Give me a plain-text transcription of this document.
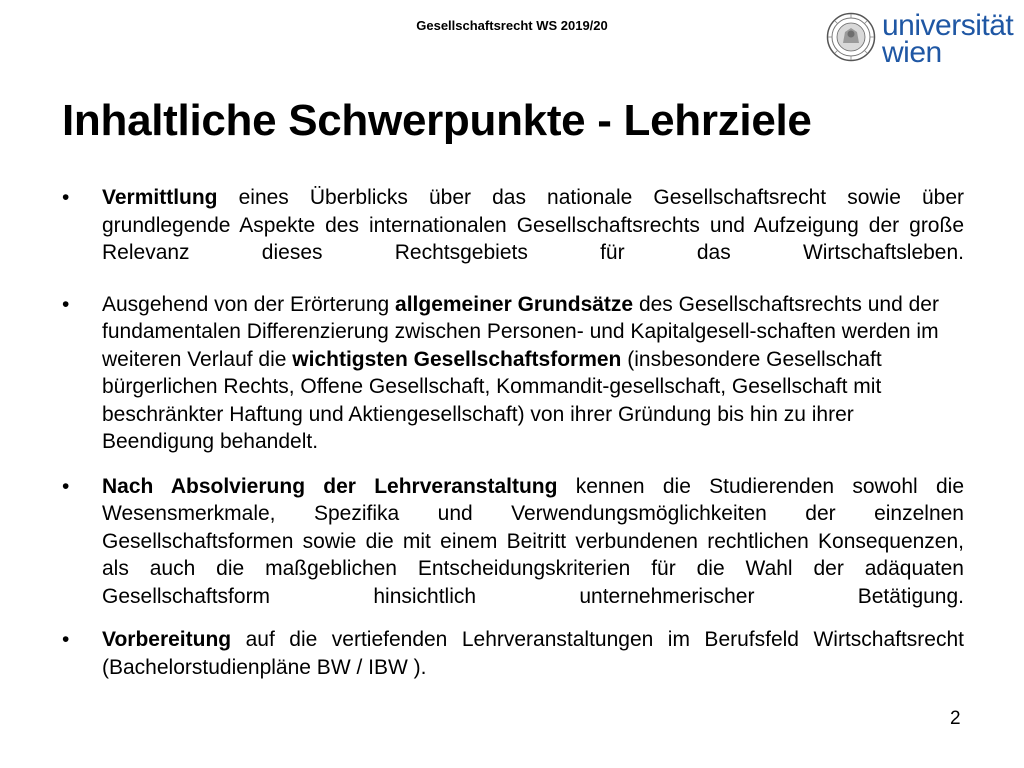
Gesellschaftsrecht WS 2019/20	universität
wien
Inhaltliche Schwerpunkte - Lehrziele
• Vermittlung eines Überblicks über das nationale Gesellschaftsrecht sowie über grundlegende Aspekte des internationalen Gesellschaftsrechts und Aufzeigung der große Relevanz dieses Rechtsgebiets für das Wirtschaftsleben.
• Ausgehend von der Erörterung allgemeiner Grundsätze des Gesellschaftsrechts und der fundamentalen Differenzierung zwischen Personen- und Kapitalgesell-schaften werden im weiteren Verlauf die wichtigsten Gesellschaftsformen (insbesondere Gesellschaft bürgerlichen Rechts, Offene Gesellschaft, Kommandit-gesellschaft, Gesellschaft mit beschränkter Haftung und Aktiengesellschaft) von ihrer Gründung bis hin zu ihrer Beendigung behandelt.
• Nach Absolvierung der Lehrveranstaltung kennen die Studierenden sowohl die Wesensmerkmale, Spezifika und Verwendungsmöglichkeiten der einzelnen Gesellschaftsformen sowie die mit einem Beitritt verbundenen rechtlichen Konsequenzen, als auch die maßgeblichen Entscheidungskriterien für die Wahl der adäquaten Gesellschaftsform hinsichtlich unternehmerischer Betätigung.
• Vorbereitung auf die vertiefenden Lehrveranstaltungen im Berufsfeld Wirtschaftsrecht (Bachelorstudienpläne BW / IBW ).
2
